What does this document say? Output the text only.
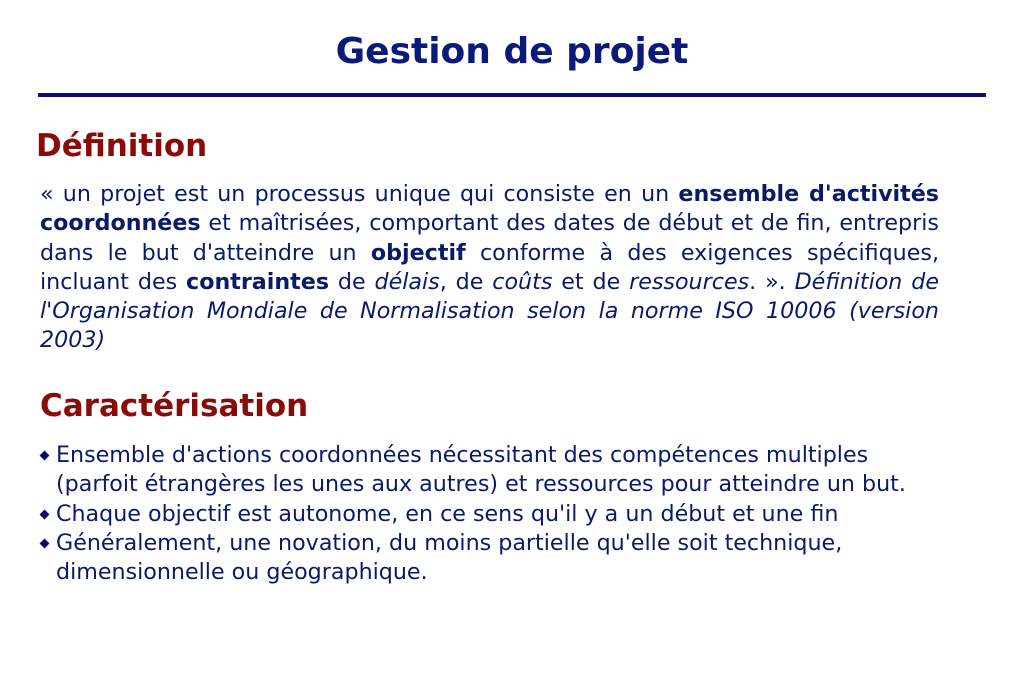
Gestion de projet
Définition
« un projet est un processus unique qui consiste en un ensemble d'activités coordonnées et maîtrisées, comportant des dates de début et de fin, entrepris dans le but d'atteindre un objectif conforme à des exigences spécifiques, incluant des contraintes de délais, de coûts et de ressources. ». Définition de l'Organisation Mondiale de Normalisation selon la norme ISO 10006 (version 2003)
Caractérisation
Ensemble d'actions coordonnées nécessitant des compétences multiples (parfoit étrangères les unes aux autres) et ressources pour atteindre un but.
Chaque objectif est autonome, en ce sens qu'il y a un début et une fin
Généralement, une novation, du moins partielle qu'elle soit technique, dimensionnelle ou géographique.
